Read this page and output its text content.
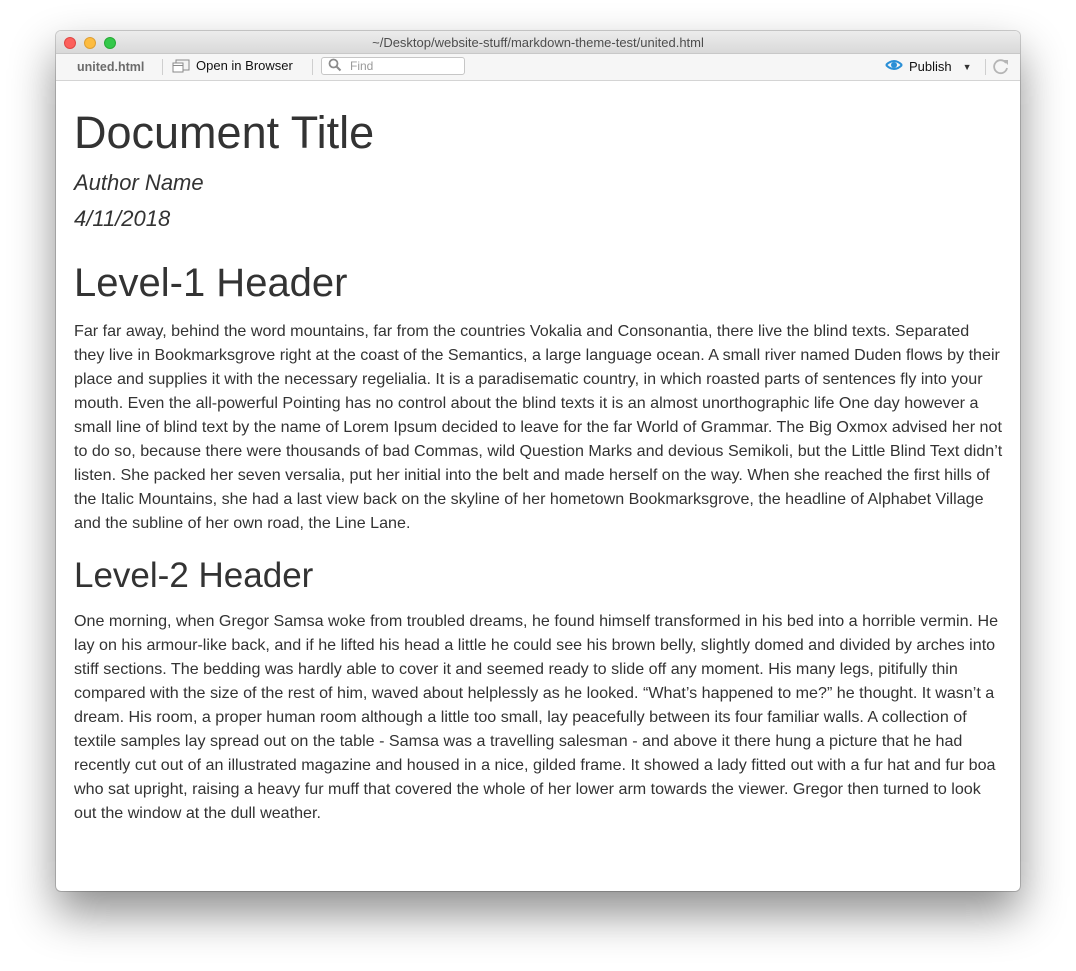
~/Desktop/website-stuff/markdown-theme-test/united.html
united.html	Open in Browser
Find	Publish ▼
Document Title
Author Name
4/11/2018
Level-1 Header

Far far away, behind the word mountains, far from the countries Vokalia and Consonantia, there live the blind texts. Separated they live in Bookmarksgrove right at the coast of the Semantics, a large language ocean. A small river named Duden flows by their place and supplies it with the necessary regelialia. It is a paradisematic country, in which roasted parts of sentences fly into your mouth. Even the all-powerful Pointing has no control about the blind texts it is an almost unorthographic life One day however a small line of blind text by the name of Lorem Ipsum decided to leave for the far World of Grammar. The Big Oxmox advised her not to do so, because there were thousands of bad Commas, wild Question Marks and devious Semikoli, but the Little Blind Text didn’t listen. She packed her seven versalia, put her initial into the belt and made herself on the way. When she reached the first hills of the Italic Mountains, she had a last view back on the skyline of her hometown Bookmarksgrove, the headline of Alphabet Village and the subline of her own road, the Line Lane.

Level-2 Header

One morning, when Gregor Samsa woke from troubled dreams, he found himself transformed in his bed into a horrible vermin. He lay on his armour-like back, and if he lifted his head a little he could see his brown belly, slightly domed and divided by arches into stiff sections. The bedding was hardly able to cover it and seemed ready to slide off any moment. His many legs, pitifully thin compared with the size of the rest of him, waved about helplessly as he looked. “What’s happened to me?” he thought. It wasn’t a dream. His room, a proper human room although a little too small, lay peacefully between its four familiar walls. A collection of textile samples lay spread out on the table - Samsa was a travelling salesman - and above it there hung a picture that he had recently cut out of an illustrated magazine and housed in a nice, gilded frame. It showed a lady fitted out with a fur hat and fur boa who sat upright, raising a heavy fur muff that covered the whole of her lower arm towards the viewer. Gregor then turned to look out the window at the dull weather.
